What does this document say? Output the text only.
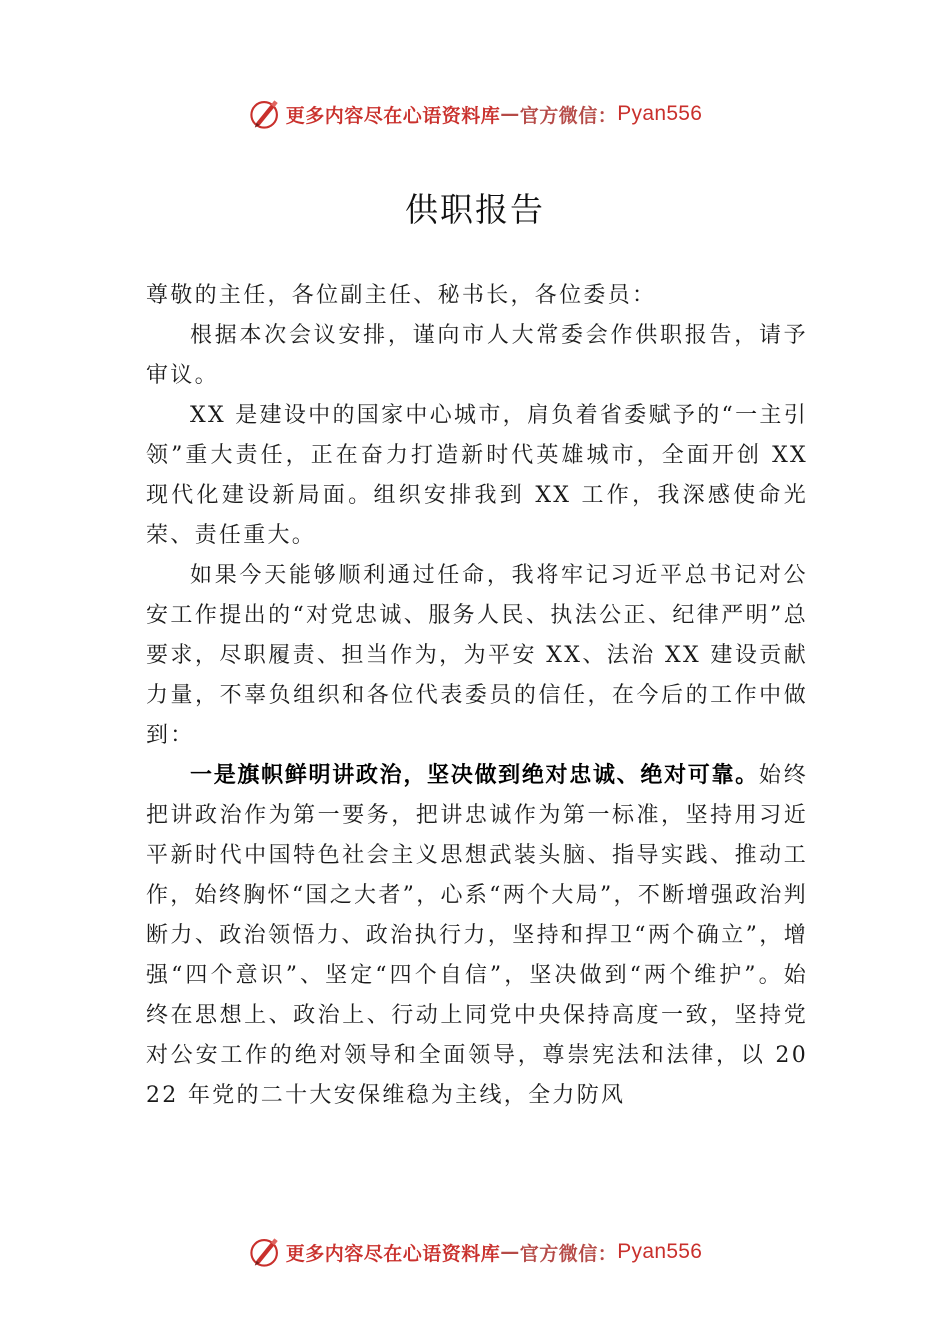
更多内容尽在心语资料库 — 官方微信： Pyan556
供职报告

尊敬的主任，各位副主任、秘书长，各位委员：

根据本次会议安排，谨向市人大常委会作供职报告，请予审议。

XX 是建设中的国家中心城市，肩负着省委赋予的“一主引领”重大责任，正在奋力打造新时代英雄城市，全面开创 XX 现代化建设新局面。组织安排我到 XX 工作，我深感使命光荣、责任重大。

如果今天能够顺利通过任命，我将牢记习近平总书记对公安工作提出的“对党忠诚、服务人民、执法公正、纪律严明”总要求，尽职履责、担当作为，为平安 XX、法治 XX 建设贡献力量，不辜负组织和各位代表委员的信任，在今后的工作中做到：

一是旗帜鲜明讲政治，坚决做到绝对忠诚、绝对可靠。始终把讲政治作为第一要务，把讲忠诚作为第一标准，坚持用习近平新时代中国特色社会主义思想武装头脑、指导实践、推动工作，始终胸怀“国之大者”，心系“两个大局”，不断增强政治判断力、政治领悟力、政治执行力，坚持和捍卫“两个确立”，增强“四个意识”、坚定“四个自信”，坚决做到“两个维护”。始终在思想上、政治上、行动上同党中央保持高度一致，坚持党对公安工作的绝对领导和全面领导，尊崇宪法和法律，以 2022 年党的二十大安保维稳为主线，全力防风

更多内容尽在心语资料库 — 官方微信： Pyan556
